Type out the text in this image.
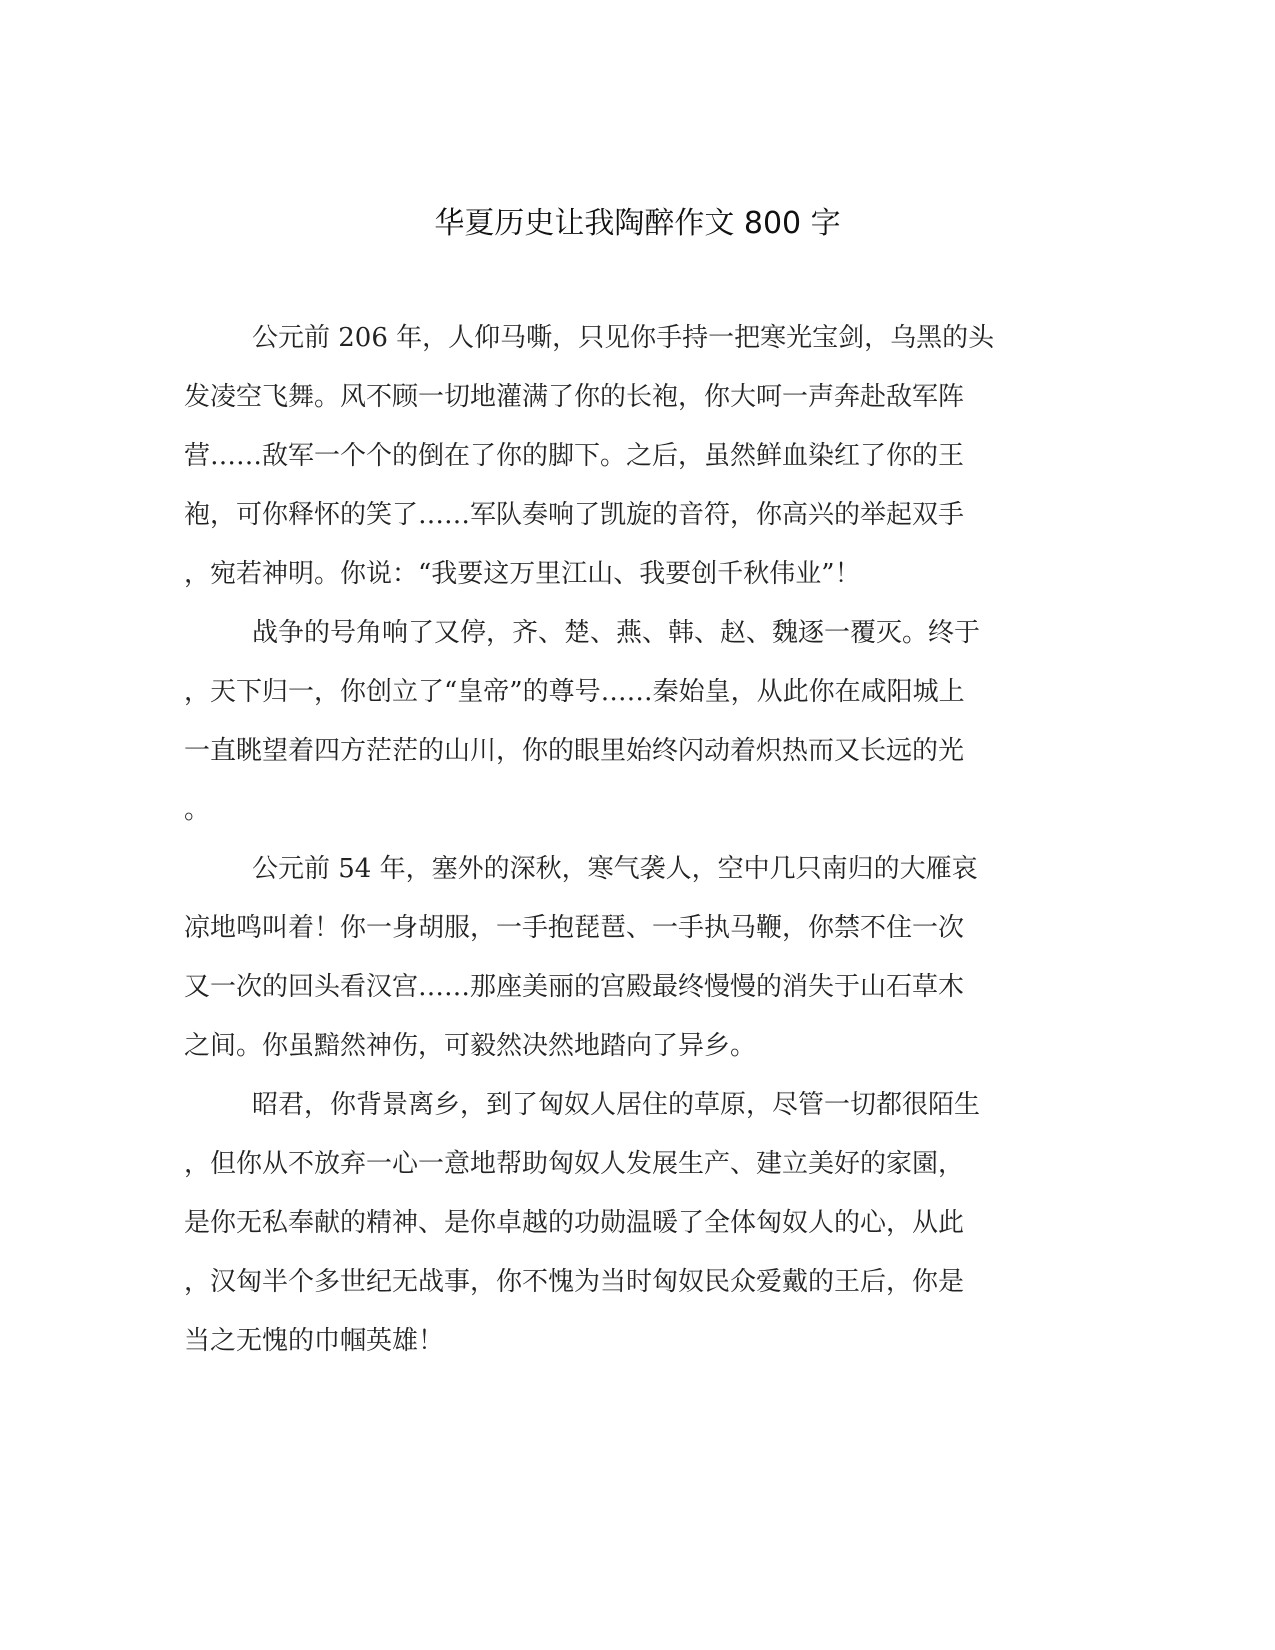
华夏历史让我陶醉作文 800 字

公元前 206 年，人仰马嘶，只见你手持一把寒光宝剑，乌黑的头

发凌空飞舞。风不顾一切地灌满了你的长袍，你大呵一声奔赴敌军阵

营……敌军一个个的倒在了你的脚下。之后，虽然鲜血染红了你的王

袍，可你释怀的笑了……军队奏响了凯旋的音符，你高兴的举起双手

，宛若神明。你说：“我要这万里江山、我要创千秋伟业”！

战争的号角响了又停，齐、楚、燕、韩、赵、魏逐一覆灭。终于

，天下归一，你创立了“皇帝”的尊号……秦始皇，从此你在咸阳城上

一直眺望着四方茫茫的山川，你的眼里始终闪动着炽热而又长远的光

。

公元前 54 年，塞外的深秋，寒气袭人，空中几只南归的大雁哀

凉地鸣叫着！你一身胡服，一手抱琵琶、一手执马鞭，你禁不住一次

又一次的回头看汉宫……那座美丽的宫殿最终慢慢的消失于山石草木

之间。你虽黯然神伤，可毅然决然地踏向了异乡。

昭君，你背景离乡，到了匈奴人居住的草原，尽管一切都很陌生

，但你从不放弃一心一意地帮助匈奴人发展生产、建立美好的家園，

是你无私奉献的精神、是你卓越的功勋温暖了全体匈奴人的心，从此

，汉匈半个多世纪无战事，你不愧为当时匈奴民众爱戴的王后，你是

当之无愧的巾帼英雄！
